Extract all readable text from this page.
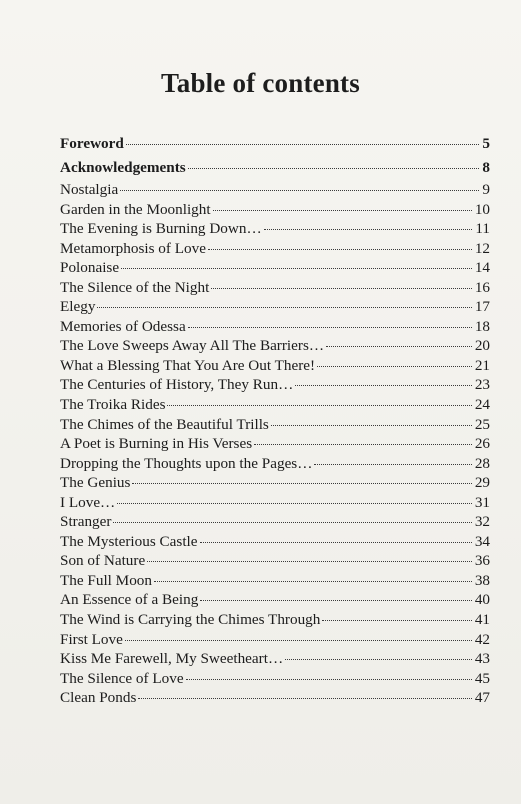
Table of contents
Foreword	5
Acknowledgements	8
Nostalgia	9
Garden in the Moonlight	10
The Evening is Burning Down…	11
Metamorphosis of Love	12
Polonaise	14
The Silence of the Night	16
Elegy	17
Memories of Odessa	18
The Love Sweeps Away All The Barriers…	20
What a Blessing That You Are Out There!	21
The Centuries of History, They Run…	23
The Troika Rides	24
The Chimes of the Beautiful Trills	25
A Poet is Burning in His Verses	26
Dropping the Thoughts upon the Pages…	28
The Genius	29
I Love…	31
Stranger	32
The Mysterious Castle	34
Son of Nature	36
The Full Moon	38
An Essence of a Being	40
The Wind is Carrying the Chimes Through	41
First Love	42
Kiss Me Farewell, My Sweetheart…	43
The Silence of Love	45
Clean Ponds	47
